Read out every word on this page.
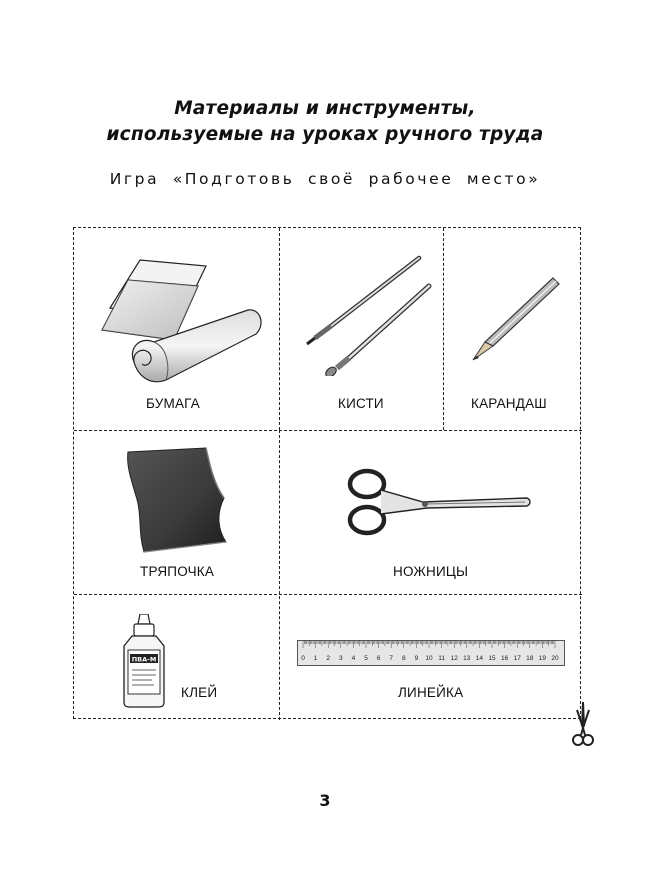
Материалы и инструменты,
используемые на уроках ручного труда
Игра «Подготовь своё рабочее место»
БУМАГА	КИСТИ	КАРАНДАШ
ТРЯПОЧКА	НОЖНИЦЫ
ПВА-М
КЛЕЙ
0 1 2 3 4 5 6 7 8 9 10 11 12 13 14 15 16 17 18 19 20
ЛИНЕЙКА
3
